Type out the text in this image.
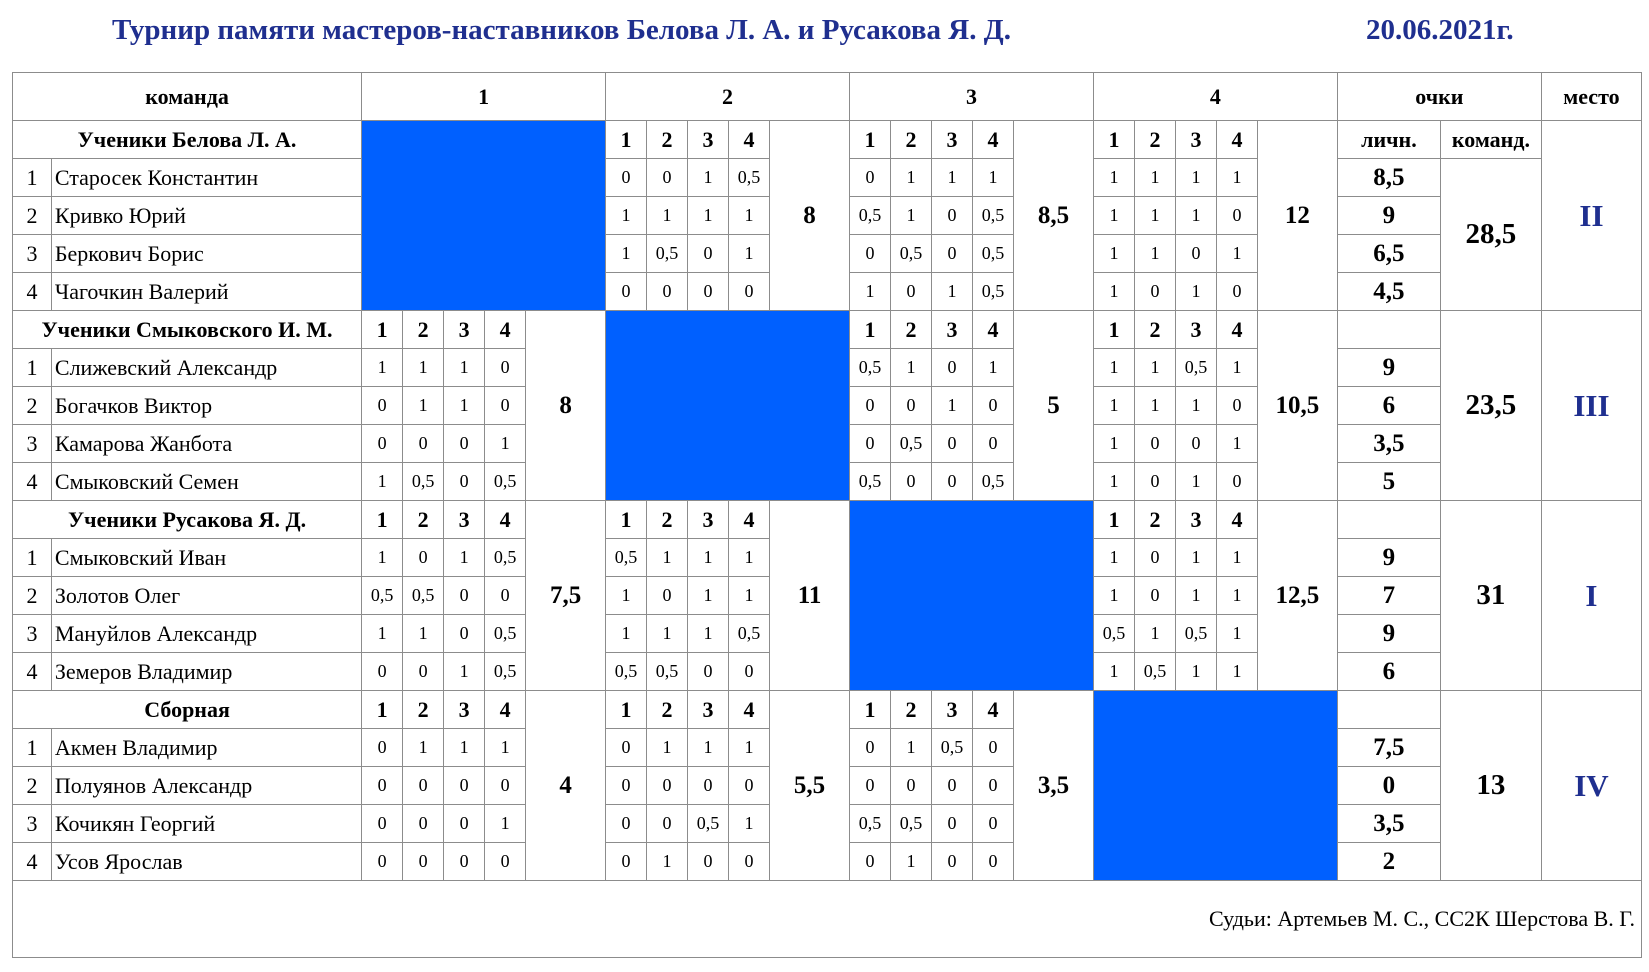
Турнир памяти мастеров-наставников Белова Л. А. и Русакова Я. Д.	20.06.2021г.
команда		1					2					3					4					очки		место
Ученики Белова Л. А.							1	2	3	4	8	1	2	3	4	8,5	1	2	3	4	12	личн.	команд.	II
1	Старосек Константин						0	0	1	0,5		0	1	1	1		1	1	1	1		8,5	28,5	
2	Кривко Юрий						1	1	1	1		0,5	1	0	0,5		1	1	1	0		9		
3	Беркович Борис						1	0,5	0	1		0	0,5	0	0,5		1	1	0	1		6,5		
4	Чагочкин Валерий						0	0	0	0		1	0	1	0,5		1	0	1	0		4,5		
Ученики Смыковского И. М.		1	2	3	4	8						1	2	3	4	5	1	2	3	4	10,5		23,5	III
1	Слижевский Александр	1	1	1	0							0,5	1	0	1		1	1	0,5	1		9		
2	Богачков Виктор	0	1	1	0							0	0	1	0		1	1	1	0		6		
3	Камарова Жанбота	0	0	0	1							0	0,5	0	0		1	0	0	1		3,5		
4	Смыковский Семен	1	0,5	0	0,5							0,5	0	0	0,5		1	0	1	0		5		
Ученики Русакова Я. Д.		1	2	3	4	7,5	1	2	3	4	11						1	2	3	4	12,5		31	I
1	Смыковский Иван	1	0	1	0,5		0,5	1	1	1							1	0	1	1		9		
2	Золотов Олег	0,5	0,5	0	0		1	0	1	1							1	0	1	1		7		
3	Мануйлов Александр	1	1	0	0,5		1	1	1	0,5							0,5	1	0,5	1		9		
4	Земеров Владимир	0	0	1	0,5		0,5	0,5	0	0							1	0,5	1	1		6		
Сборная		1	2	3	4	4	1	2	3	4	5,5	1	2	3	4	3,5							13	IV
1	Акмен Владимир	0	1	1	1		0	1	1	1		0	1	0,5	0							7,5		
2	Полуянов Александр	0	0	0	0		0	0	0	0		0	0	0	0							0		
3	Кочикян Георгий	0	0	0	1		0	0	0,5	1		0,5	0,5	0	0							3,5		
4	Усов Ярослав	0	0	0	0		0	1	0	0		0	1	0	0							2		
Судьи: Артемьев М. С., СС2К Шерстова В. Г.																								
